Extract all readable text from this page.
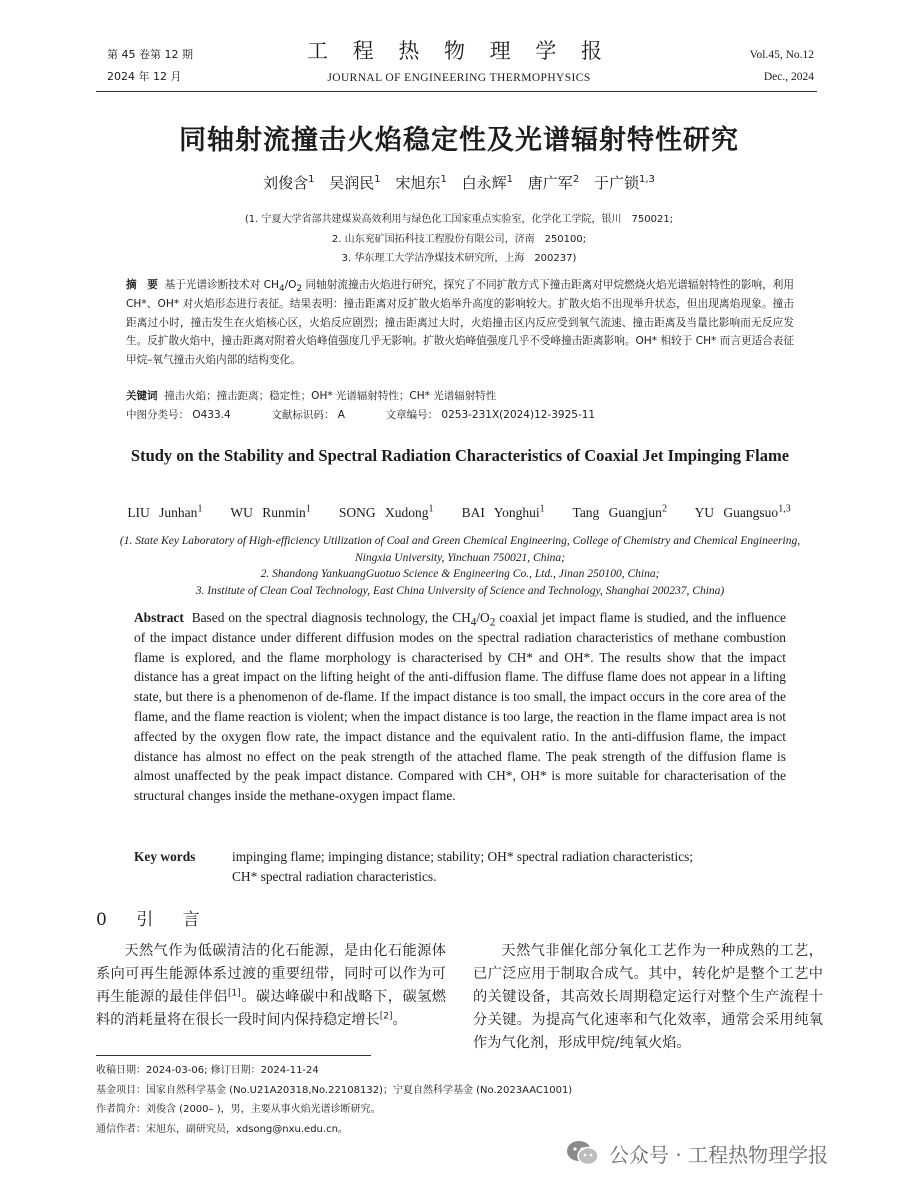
第 45 卷第 12 期
2024 年 12 月
工 程 热 物 理 学 报
JOURNAL OF ENGINEERING THERMOPHYSICS
Vol.45, No.12
Dec., 2024
同轴射流撞击火焰稳定性及光谱辐射特性研究
刘俊含$^1$ 吴润民$^1$ 宋旭东$^1$ 白永辉$^1$ 唐广军$^2$ 于广锁$^{1,3}$
(1. 宁夏大学省部共建煤炭高效利用与绿色化工国家重点实验室，化学化工学院，银川　750021;
2. 山东兖矿国拓科技工程股份有限公司，济南　250100;
3. 华东理工大学洁净煤技术研究所，上海　200237)
摘　要 基于光谱诊断技术对 $CH_4/O_2$ 同轴射流撞击火焰进行研究，探究了不同扩散方式下撞击距离对甲烷燃烧火焰光谱辐射特性的影响，利用 CH*、OH* 对火焰形态进行表征。结果表明：撞击距离对反扩散火焰举升高度的影响较大。扩散火焰不出现举升状态，但出现离焰现象。撞击距离过小时，撞击发生在火焰核心区，火焰反应剧烈；撞击距离过大时，火焰撞击区内反应受到氧气流速、撞击距离及当量比影响而无反应发生。反扩散火焰中，撞击距离对附着火焰峰值强度几乎无影响。扩散火焰峰值强度几乎不受峰撞击距离影响。OH* 相较于 CH* 而言更适合表征甲烷–氧气撞击火焰内部的结构变化。
关键词 撞击火焰；撞击距离；稳定性；OH* 光谱辐射特性；CH* 光谱辐射特性
中图分类号： O433.4	文献标识码： A	文章编号： 0253-231X(2024)12-3925-11
Study on the Stability and Spectral Radiation Characteristics of Coaxial Jet Impinging Flame
LIU Junhan$^1$ WU Runmin$^1$ SONG Xudong$^1$ BAI Yonghui$^1$ Tang Guangjun$^2$ YU Guangsuo$^{1,3}$
(1. State Key Laboratory of High-efficiency Utilization of Coal and Green Chemical Engineering, College of Chemistry and Chemical Engineering, Ningxia University, Yinchuan 750021, China;
2. Shandong YankuangGuotuo Science & Engineering Co., Ltd., Jinan 250100, China;
3. Institute of Clean Coal Technology, East China University of Science and Technology, Shanghai 200237, China)
Abstract Based on the spectral diagnosis technology, the $CH_4/O_2$ coaxial jet impact flame is studied, and the influence of the impact distance under different diffusion modes on the spectral radiation characteristics of methane combustion flame is explored, and the flame morphology is characterised by CH* and OH*. The results show that the impact distance has a great impact on the lifting height of the anti-diffusion flame. The diffuse flame does not appear in a lifting state, but there is a phenomenon of de-flame. If the impact distance is too small, the impact occurs in the core area of the flame, and the flame reaction is violent; when the impact distance is too large, the reaction in the flame impact area is not affected by the oxygen flow rate, the impact distance and the equivalent ratio. In the anti-diffusion flame, the impact distance has almost no effect on the peak strength of the attached flame. The peak strength of the diffusion flame is almost unaffected by the peak impact distance. Compared with CH*, OH* is more suitable for characterisation of the structural changes inside the methane-oxygen impact flame.
Key words	impinging flame; impinging distance; stability; OH* spectral radiation characteristics;
CH* spectral radiation characteristics.
0 引 言

天然气作为低碳清洁的化石能源，是由化石能源体系向可再生能源体系过渡的重要纽带，同时可以作为可再生能源的最佳伴侣[1]。碳达峰碳中和战略下，碳氢燃料的消耗量将在很长一段时间内保持稳定增长[2]。

天然气非催化部分氧化工艺作为一种成熟的工艺，已广泛应用于制取合成气。其中，转化炉是整个工艺中的关键设备，其高效长周期稳定运行对整个生产流程十分关键。为提高气化速率和气化效率，通常会采用纯氧作为气化剂，形成甲烷/纯氧火焰。

收稿日期：2024-03-06; 修订日期：2024-11-24
基金项目：国家自然科学基金 (No.U21A20318,No.22108132)；宁夏自然科学基金 (No.2023AAC1001)
作者简介：刘俊含 (2000– )，男，主要从事火焰光谱诊断研究。
通信作者：宋旭东，副研究员，xdsong@nxu.edu.cn。
公众号 · 工程热物理学报
